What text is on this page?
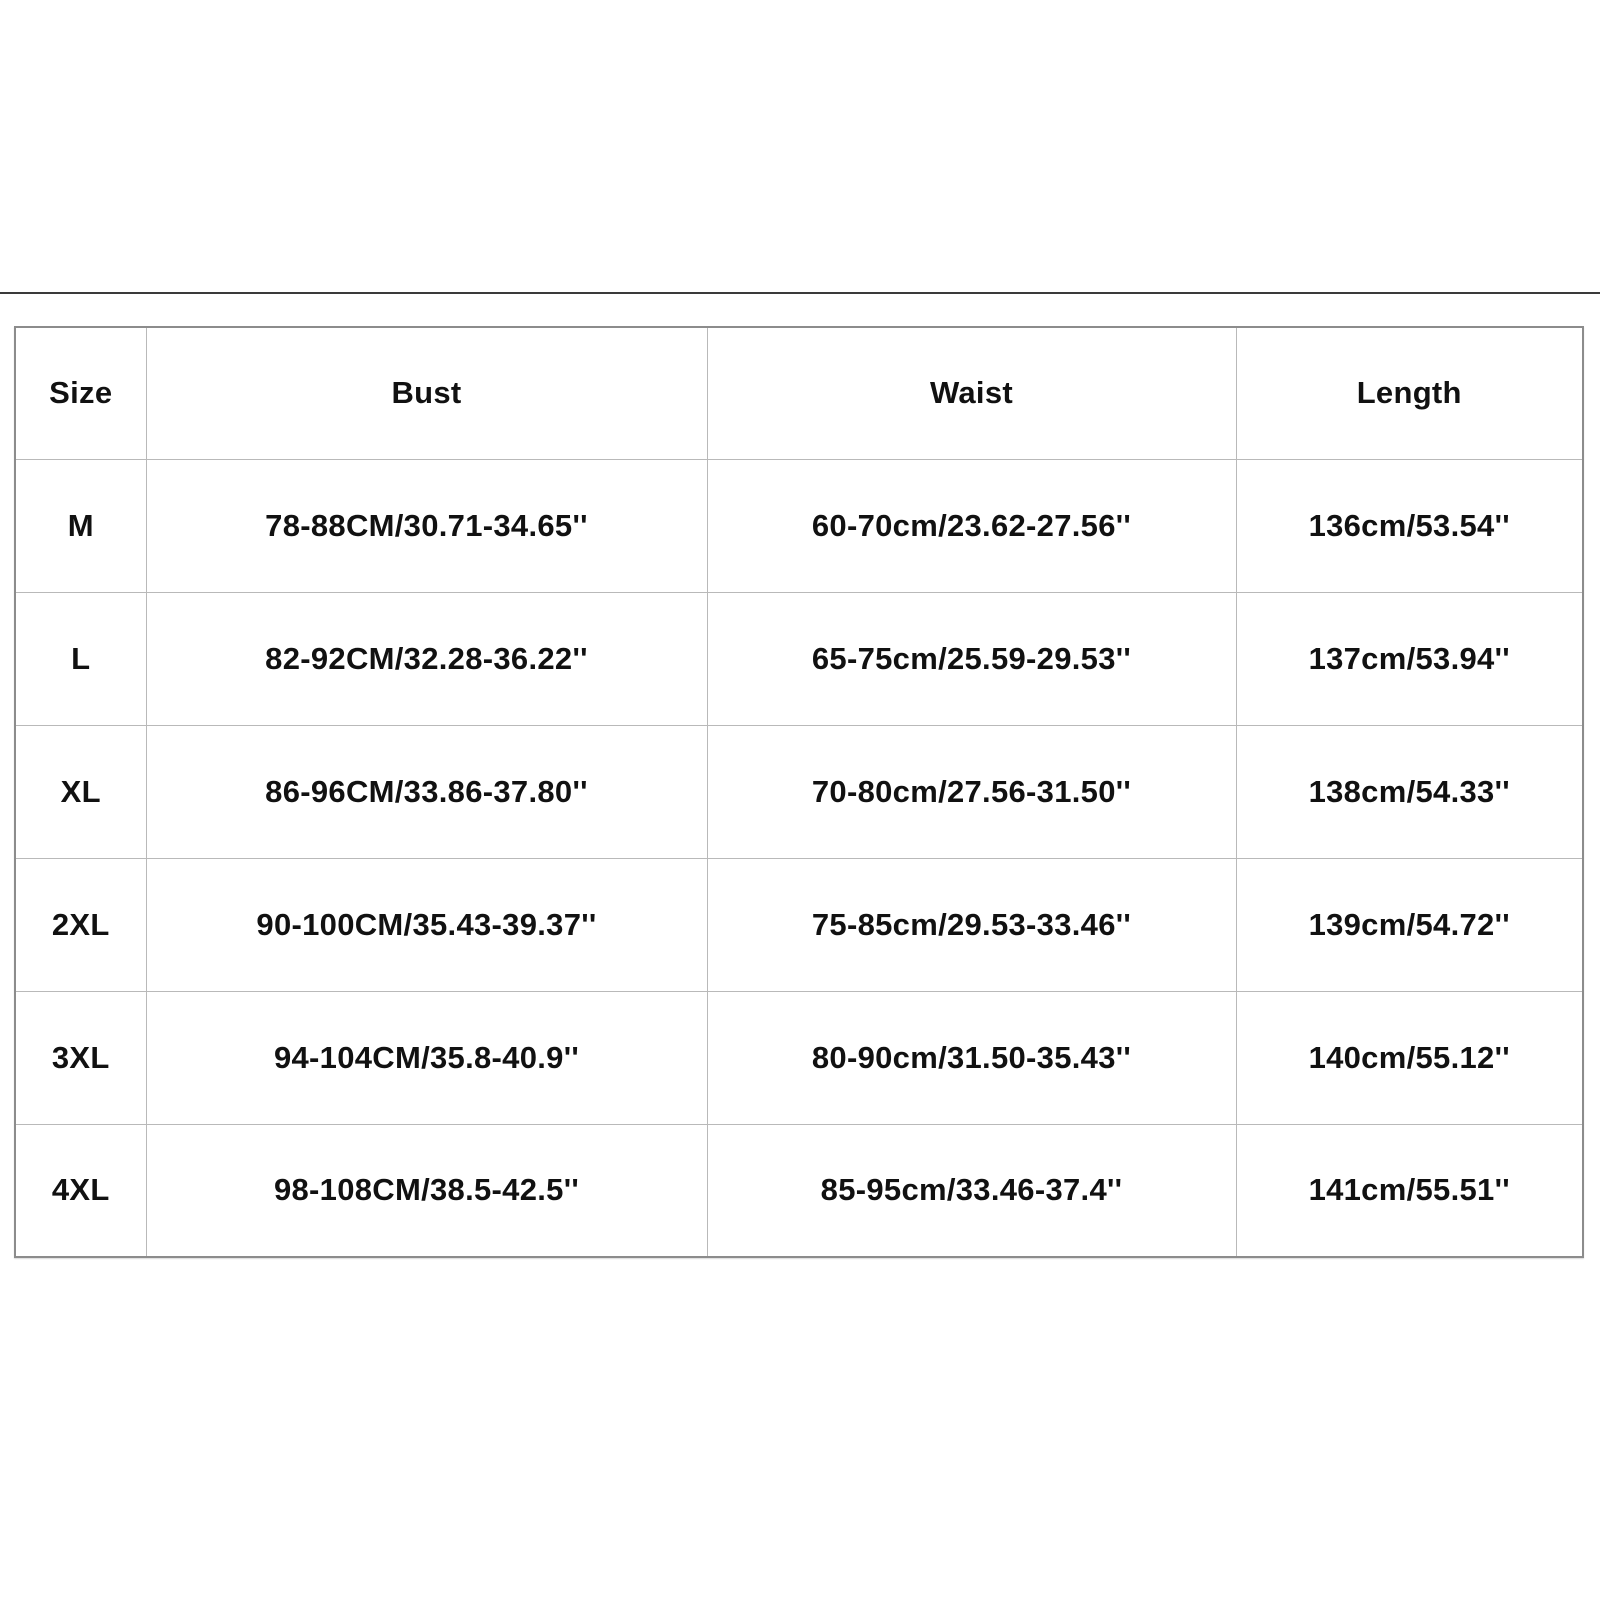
Size	Bust	Waist	Length
M	78-88CM/30.71-34.65''	60-70cm/23.62-27.56''	136cm/53.54''
L	82-92CM/32.28-36.22''	65-75cm/25.59-29.53''	137cm/53.94''
XL	86-96CM/33.86-37.80''	70-80cm/27.56-31.50''	138cm/54.33''
2XL	90-100CM/35.43-39.37''	75-85cm/29.53-33.46''	139cm/54.72''
3XL	94-104CM/35.8-40.9''	80-90cm/31.50-35.43''	140cm/55.12''
4XL	98-108CM/38.5-42.5''	85-95cm/33.46-37.4''	141cm/55.51''
